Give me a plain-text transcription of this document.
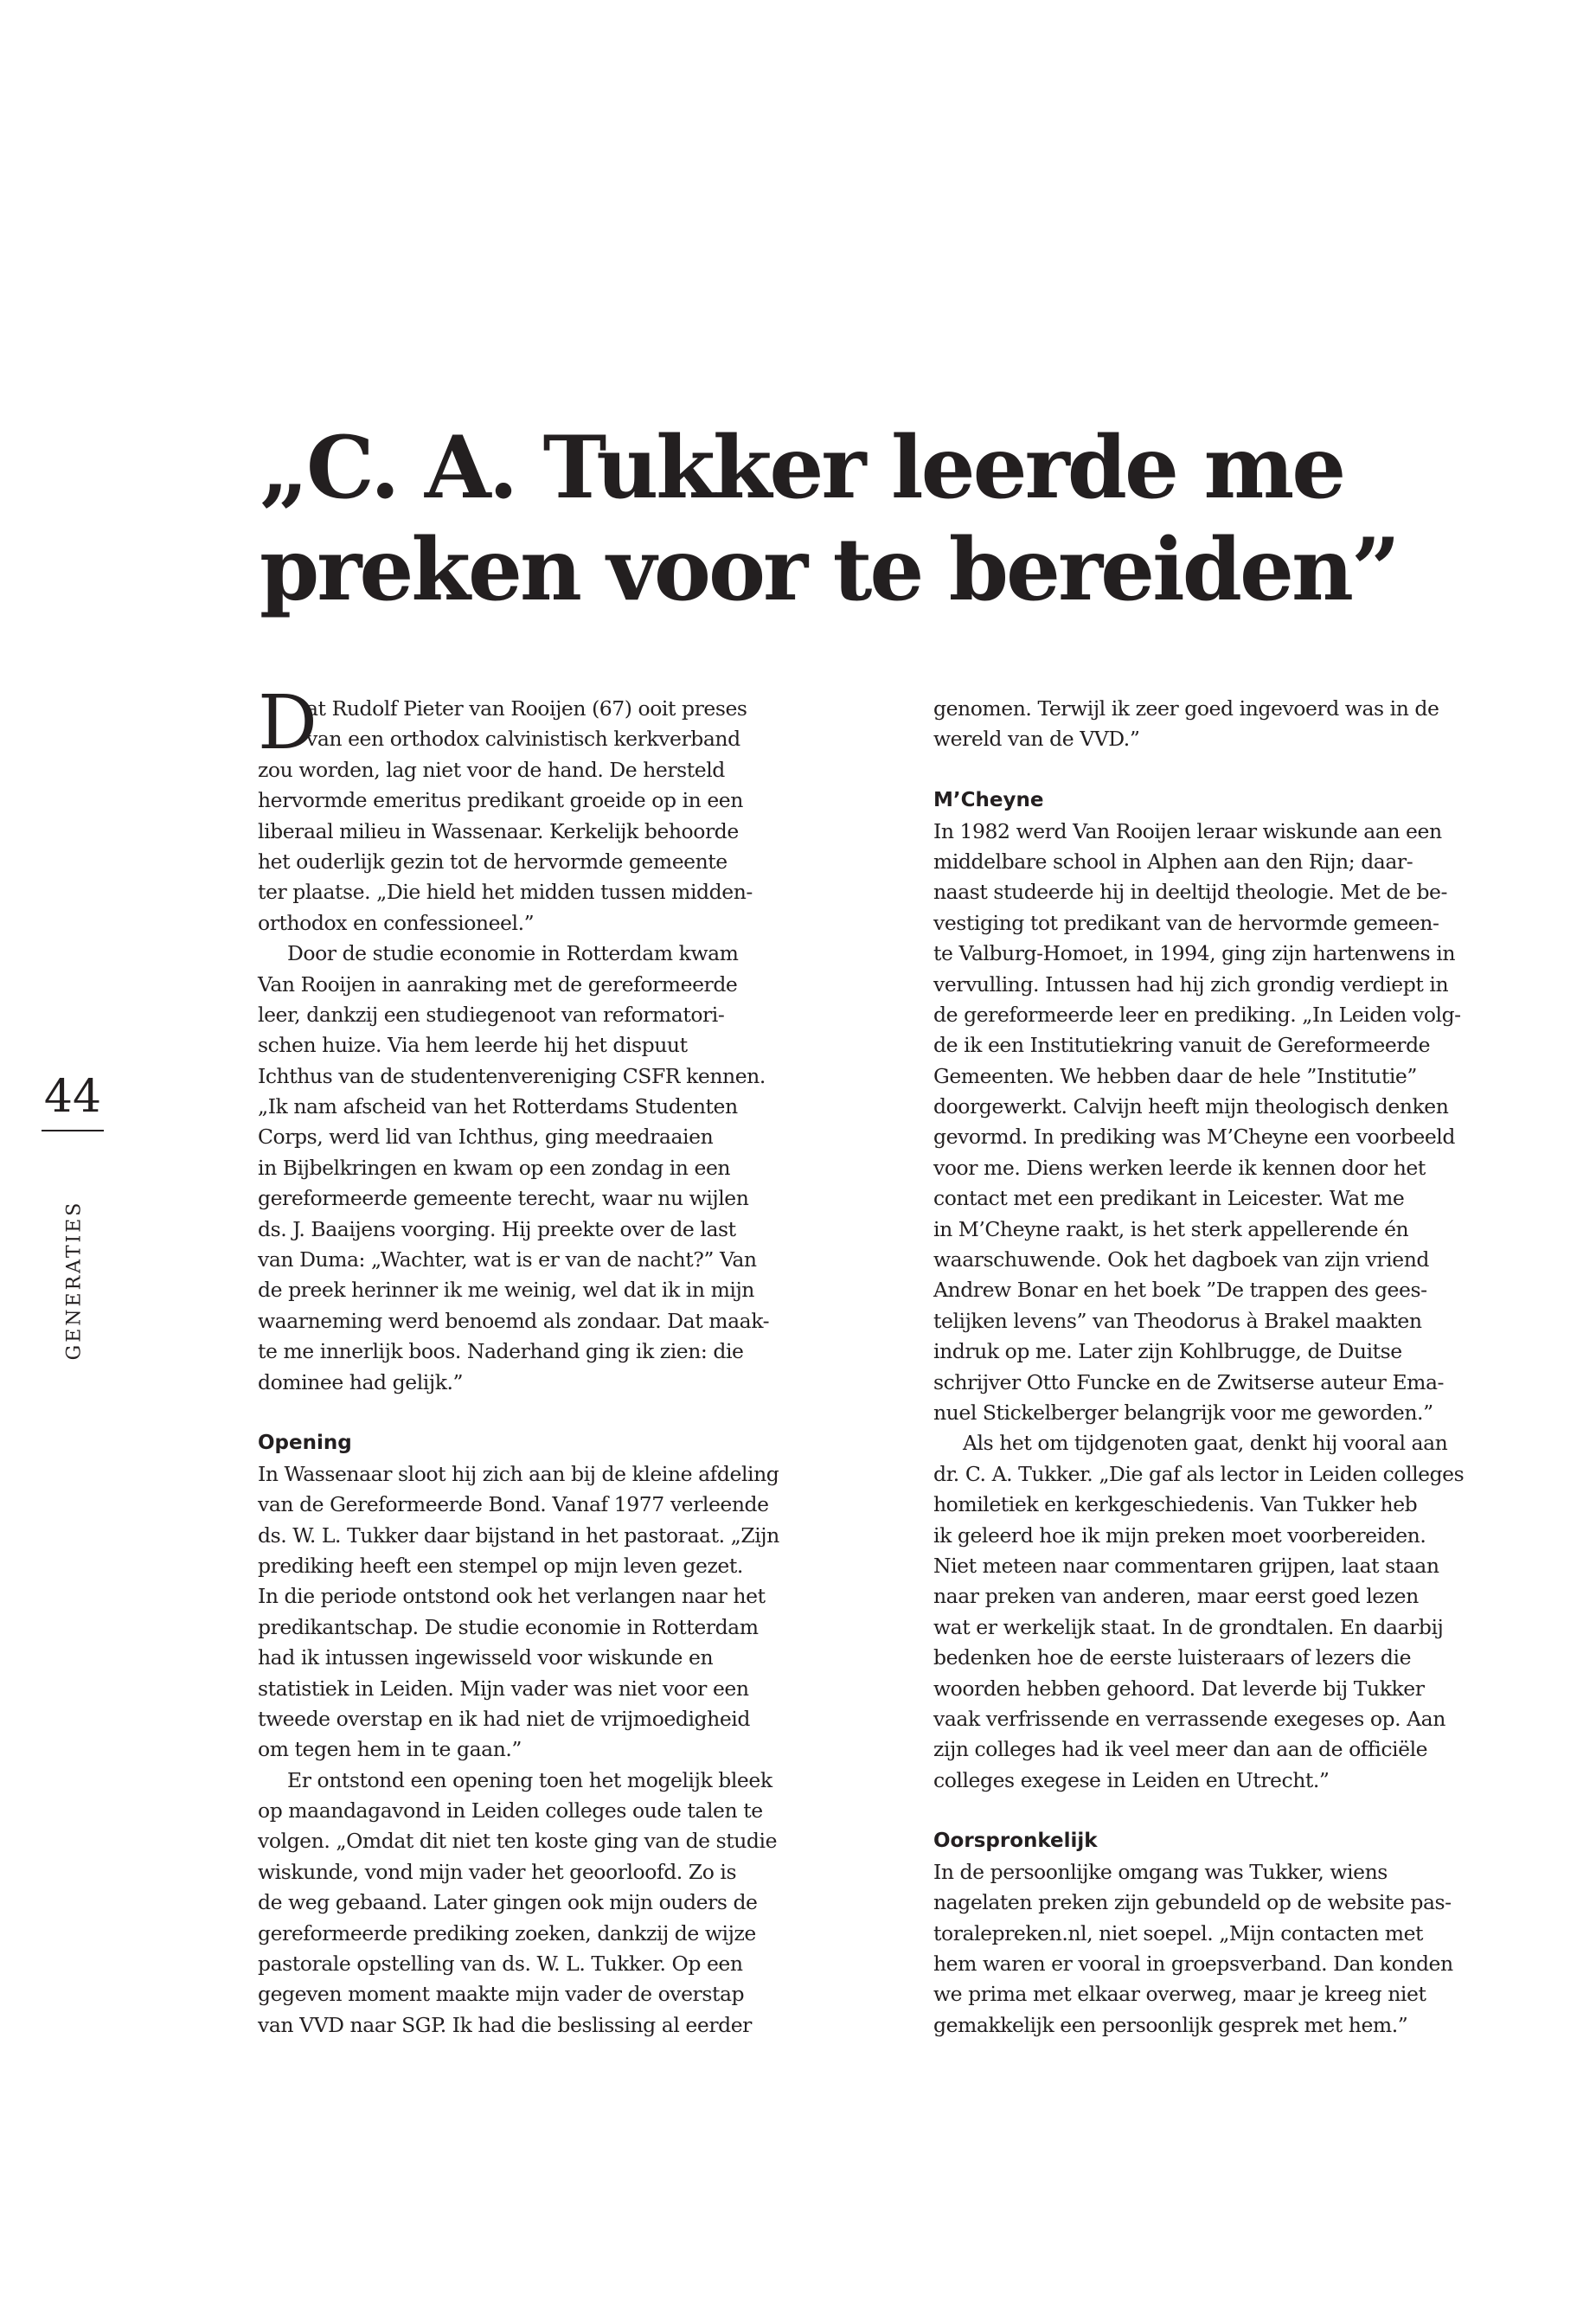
„C. A. Tukker leerde me
preken voor te bereiden”
44
GENERATIES
D
at Rudolf Pieter van Rooijen (67) ooit preses
van een orthodox calvinistisch kerkverband
zou worden, lag niet voor de hand. De hersteld
hervormde emeritus predikant groeide op in een
liberaal milieu in Wassenaar. Kerkelijk behoorde
het ouderlijk gezin tot de hervormde gemeente
ter plaatse. „Die hield het midden tussen midden-
orthodox en confessioneel.”
Door de studie economie in Rotterdam kwam
Van Rooijen in aanraking met de gereformeerde
leer, dankzij een studiegenoot van reformatori-
schen huize. Via hem leerde hij het dispuut
Ichthus van de studentenvereniging CSFR kennen.
„Ik nam afscheid van het Rotterdams Studenten
Corps, werd lid van Ichthus, ging meedraaien
in Bijbelkringen en kwam op een zondag in een
gereformeerde gemeente terecht, waar nu wijlen
ds. J. Baaijens voorging. Hij preekte over de last
van Duma: „Wachter, wat is er van de nacht?” Van
de preek herinner ik me weinig, wel dat ik in mijn
waarneming werd benoemd als zondaar. Dat maak-
te me innerlijk boos. Naderhand ging ik zien: die
dominee had gelijk.”
Opening
In Wassenaar sloot hij zich aan bij de kleine afdeling
van de Gereformeerde Bond. Vanaf 1977 verleende
ds. W. L. Tukker daar bijstand in het pastoraat. „Zijn
prediking heeft een stempel op mijn leven gezet.
In die periode ontstond ook het verlangen naar het
predikantschap. De studie economie in Rotterdam
had ik intussen ingewisseld voor wiskunde en
statistiek in Leiden. Mijn vader was niet voor een
tweede overstap en ik had niet de vrijmoedigheid
om tegen hem in te gaan.”
Er ontstond een opening toen het mogelijk bleek
op maandagavond in Leiden colleges oude talen te
volgen. „Omdat dit niet ten koste ging van de studie
wiskunde, vond mijn vader het geoorloofd. Zo is
de weg gebaand. Later gingen ook mijn ouders de
gereformeerde prediking zoeken, dankzij de wijze
pastorale opstelling van ds. W. L. Tukker. Op een
gegeven moment maakte mijn vader de overstap
van VVD naar SGP. Ik had die beslissing al eerder
genomen. Terwijl ik zeer goed ingevoerd was in de
wereld van de VVD.”
M’Cheyne
In 1982 werd Van Rooijen leraar wiskunde aan een
middelbare school in Alphen aan den Rijn; daar-
naast studeerde hij in deeltijd theologie. Met de be-
vestiging tot predikant van de hervormde gemeen-
te Valburg-Homoet, in 1994, ging zijn hartenwens in
vervulling. Intussen had hij zich grondig verdiept in
de gereformeerde leer en prediking. „In Leiden volg-
de ik een Institutiekring vanuit de Gereformeerde
Gemeenten. We hebben daar de hele ”Institutie”
doorgewerkt. Calvijn heeft mijn theologisch denken
gevormd. In prediking was M’Cheyne een voorbeeld
voor me. Diens werken leerde ik kennen door het
contact met een predikant in Leicester. Wat me
in M’Cheyne raakt, is het sterk appellerende én
waarschuwende. Ook het dagboek van zijn vriend
Andrew Bonar en het boek ”De trappen des gees-
telijken levens” van Theodorus à Brakel maakten
indruk op me. Later zijn Kohlbrugge, de Duitse
schrijver Otto Funcke en de Zwitserse auteur Ema-
nuel Stickelberger belangrijk voor me geworden.”
Als het om tijdgenoten gaat, denkt hij vooral aan
dr. C. A. Tukker. „Die gaf als lector in Leiden colleges
homiletiek en kerkgeschiedenis. Van Tukker heb
ik geleerd hoe ik mijn preken moet voorbereiden.
Niet meteen naar commentaren grijpen, laat staan
naar preken van anderen, maar eerst goed lezen
wat er werkelijk staat. In de grondtalen. En daarbij
bedenken hoe de eerste luisteraars of lezers die
woorden hebben gehoord. Dat leverde bij Tukker
vaak verfrissende en verrassende exegeses op. Aan
zijn colleges had ik veel meer dan aan de officiële
colleges exegese in Leiden en Utrecht.”
Oorspronkelijk
In de persoonlijke omgang was Tukker, wiens
nagelaten preken zijn gebundeld op de website pas-
toralepreken.nl, niet soepel. „Mijn contacten met
hem waren er vooral in groepsverband. Dan konden
we prima met elkaar overweg, maar je kreeg niet
gemakkelijk een persoonlijk gesprek met hem.”
